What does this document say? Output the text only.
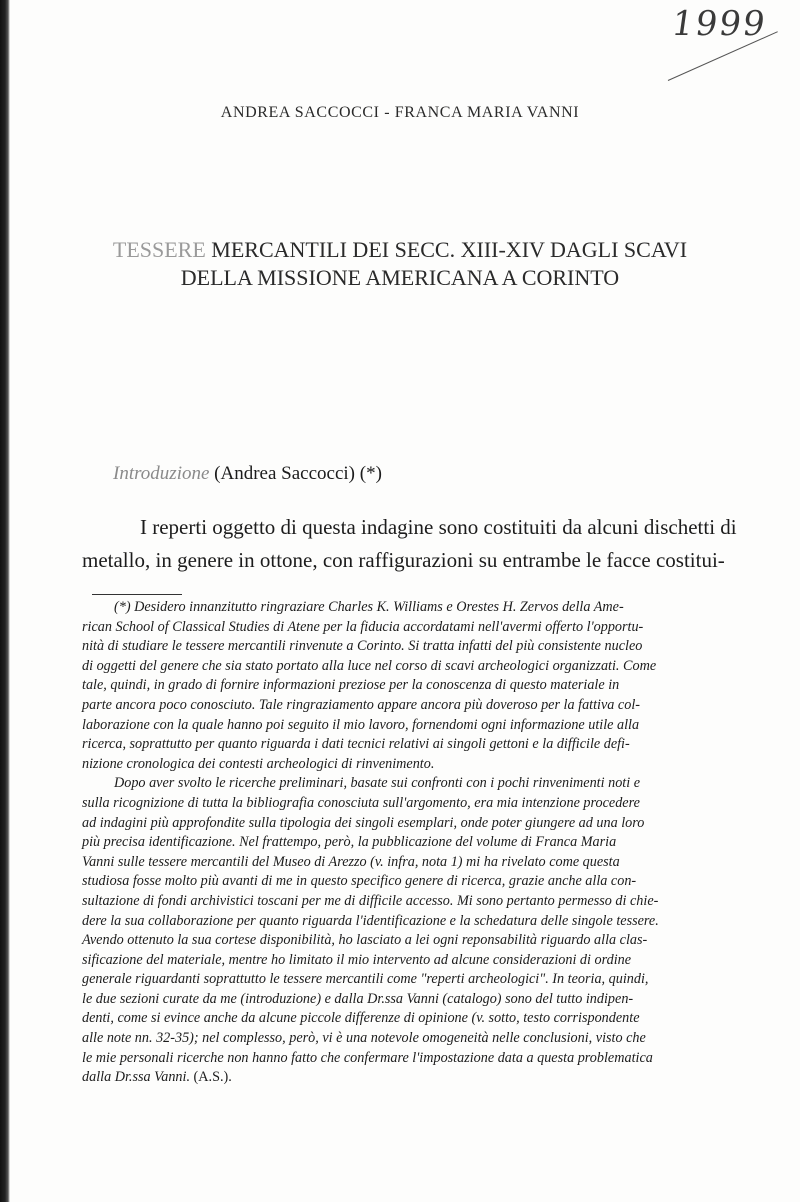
1999
ANDREA SACCOCCI - FRANCA MARIA VANNI
TESSERE MERCANTILI DEI SECC. XIII-XIV DAGLI SCAVI
DELLA MISSIONE AMERICANA A CORINTO
Introduzione (Andrea Saccocci) (*)
I reperti oggetto di questa indagine sono costituiti da alcuni dischetti di
metallo, in genere in ottone, con raffigurazioni su entrambe le facce costitui-
(*) Desidero innanzitutto ringraziare Charles K. Williams e Orestes H. Zervos della Ame-
rican School of Classical Studies di Atene per la fiducia accordatami nell'avermi offerto l'opportu-
nità di studiare le tessere mercantili rinvenute a Corinto. Si tratta infatti del più consistente nucleo
di oggetti del genere che sia stato portato alla luce nel corso di scavi archeologici organizzati. Come
tale, quindi, in grado di fornire informazioni preziose per la conoscenza di questo materiale in
parte ancora poco conosciuto. Tale ringraziamento appare ancora più doveroso per la fattiva col-
laborazione con la quale hanno poi seguito il mio lavoro, fornendomi ogni informazione utile alla
ricerca, soprattutto per quanto riguarda i dati tecnici relativi ai singoli gettoni e la difficile defi-
nizione cronologica dei contesti archeologici di rinvenimento.
Dopo aver svolto le ricerche preliminari, basate sui confronti con i pochi rinvenimenti noti e
sulla ricognizione di tutta la bibliografia conosciuta sull'argomento, era mia intenzione procedere
ad indagini più approfondite sulla tipologia dei singoli esemplari, onde poter giungere ad una loro
più precisa identificazione. Nel frattempo, però, la pubblicazione del volume di Franca Maria
Vanni sulle tessere mercantili del Museo di Arezzo (v. infra, nota 1) mi ha rivelato come questa
studiosa fosse molto più avanti di me in questo specifico genere di ricerca, grazie anche alla con-
sultazione di fondi archivistici toscani per me di difficile accesso. Mi sono pertanto permesso di chie-
dere la sua collaborazione per quanto riguarda l'identificazione e la schedatura delle singole tessere.
Avendo ottenuto la sua cortese disponibilità, ho lasciato a lei ogni reponsabilità riguardo alla clas-
sificazione del materiale, mentre ho limitato il mio intervento ad alcune considerazioni di ordine
generale riguardanti soprattutto le tessere mercantili come "reperti archeologici". In teoria, quindi,
le due sezioni curate da me (introduzione) e dalla Dr.ssa Vanni (catalogo) sono del tutto indipen-
denti, come si evince anche da alcune piccole differenze di opinione (v. sotto, testo corrispondente
alle note nn. 32-35); nel complesso, però, vi è una notevole omogeneità nelle conclusioni, visto che
le mie personali ricerche non hanno fatto che confermare l'impostazione data a questa problematica
dalla Dr.ssa Vanni. (A.S.).
